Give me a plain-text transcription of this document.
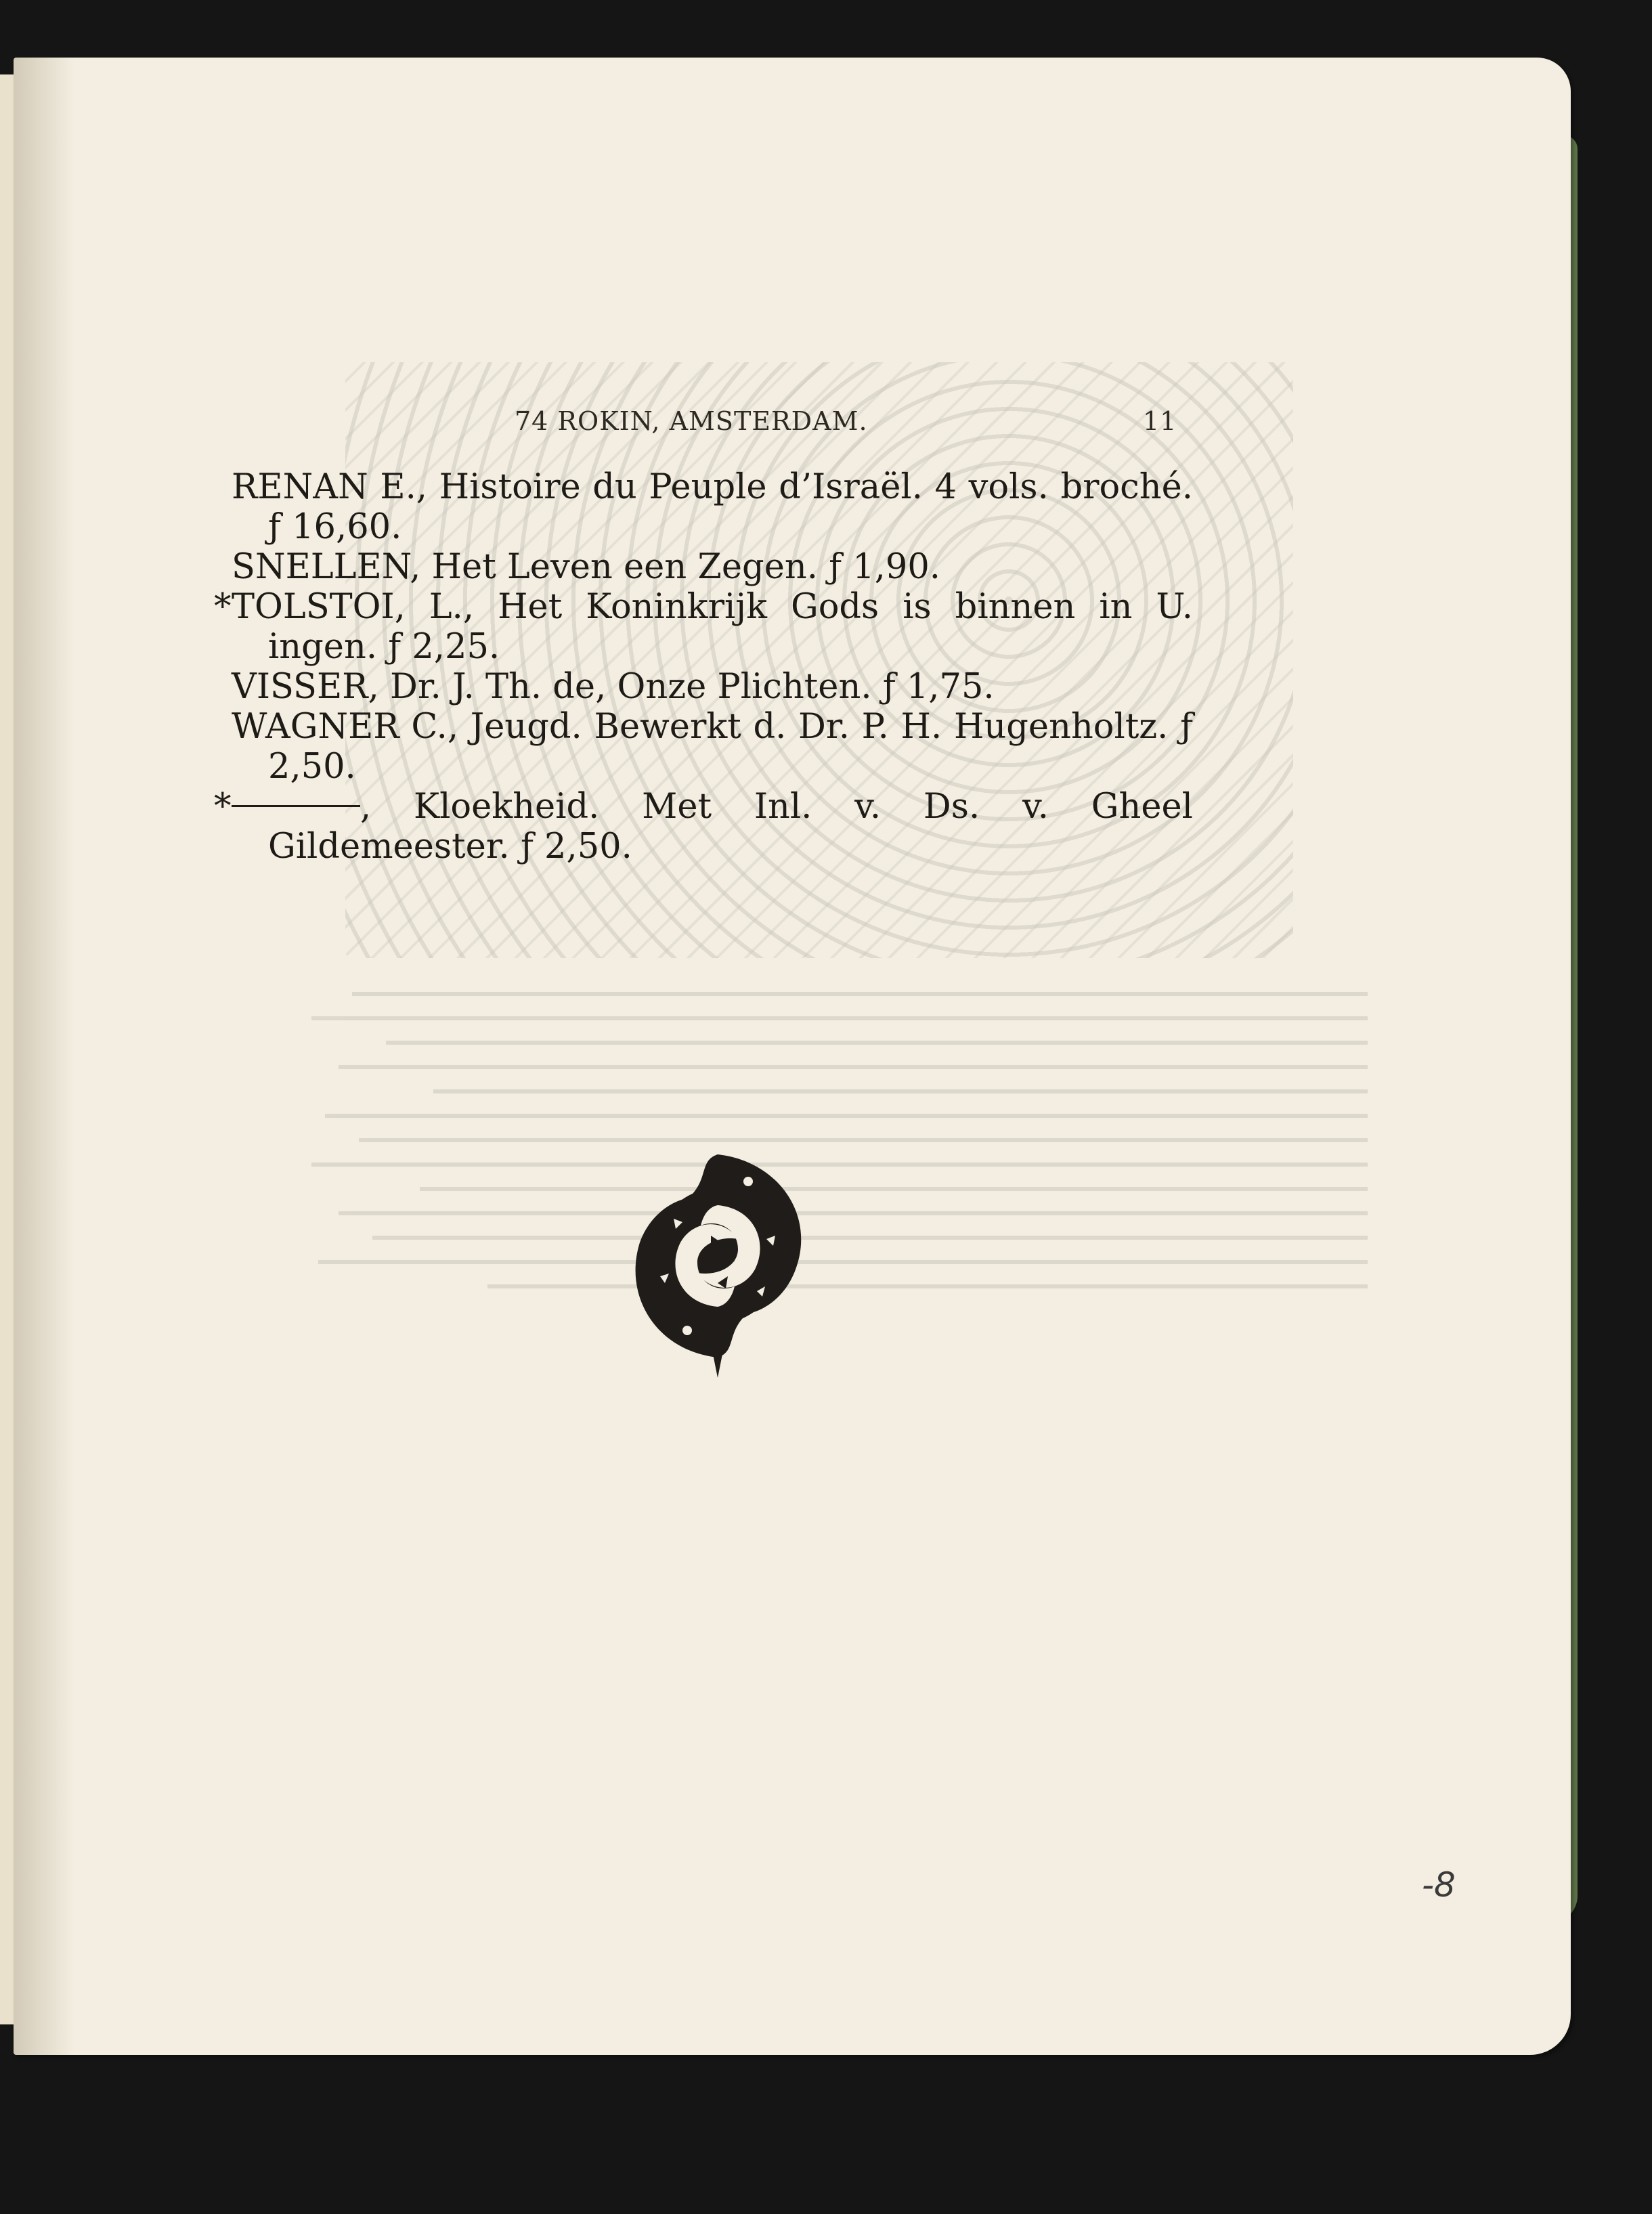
74 ROKIN, AMSTERDAM.	11

RENAN E., Histoire du Peuple d’Israël. 4 vols. broché. ƒ 16,60.

SNELLEN, Het Leven een Zegen. ƒ 1,90.

*TOLSTOI, L., Het Koninkrijk Gods is binnen in U. ingen. ƒ 2,25.

VISSER, Dr. J. Th. de, Onze Plichten. ƒ 1,75.

WAGNER C., Jeugd. Bewerkt d. Dr. P. H. Hugenholtz. ƒ 2,50.

*	, Kloekheid. Met Inl. v. Ds. v. Gheel Gildemeester. ƒ 2,50.

-8
